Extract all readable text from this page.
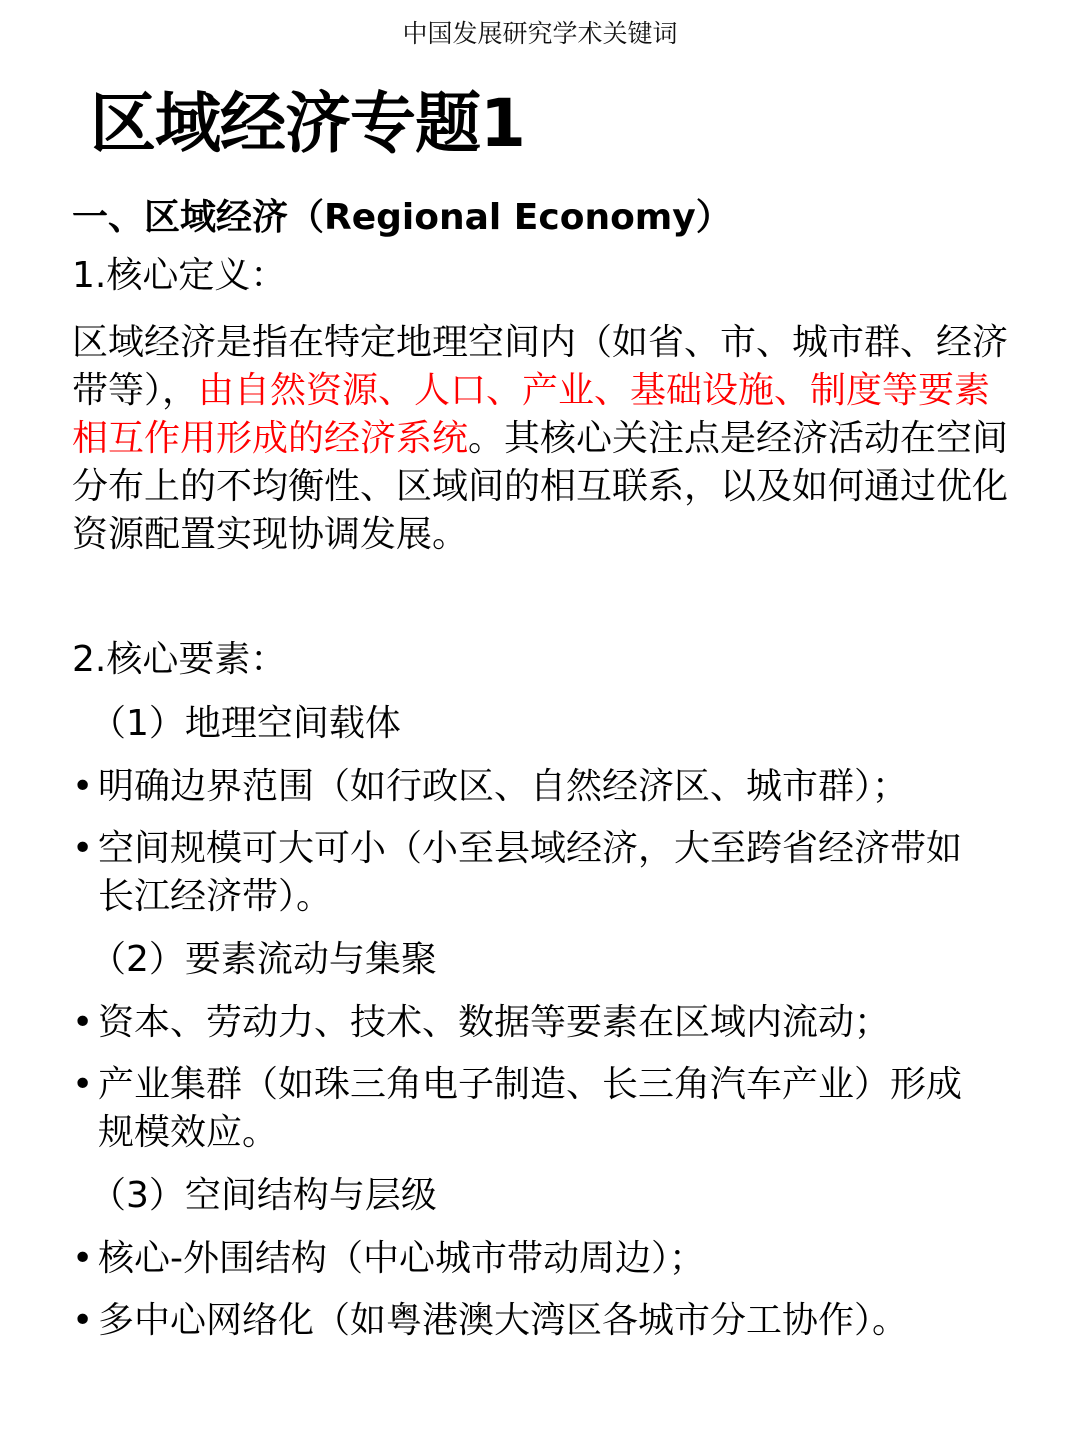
中国发展研究学术关键词
区域经济专题1
一、区域经济（Regional Economy）
1.核心定义：
区域经济是指在特定地理空间内（如省、市、城市群、经济带等），由自然资源、人口、产业、基础设施、制度等要素相互作用形成的经济系统。其核心关注点是经济活动在空间分布上的不均衡性、区域间的相互联系，以及如何通过优化资源配置实现协调发展。
2.核心要素：
（1）地理空间载体
• 明确边界范围（如行政区、自然经济区、城市群）；
• 空间规模可大可小（小至县域经济，大至跨省经济带如长江经济带）。
（2）要素流动与集聚
• 资本、劳动力、技术、数据等要素在区域内流动；
• 产业集群（如珠三角电子制造、长三角汽车产业）形成规模效应。
（3）空间结构与层级
• 核心-外围结构（中心城市带动周边）；
• 多中心网络化（如粤港澳大湾区各城市分工协作）。
